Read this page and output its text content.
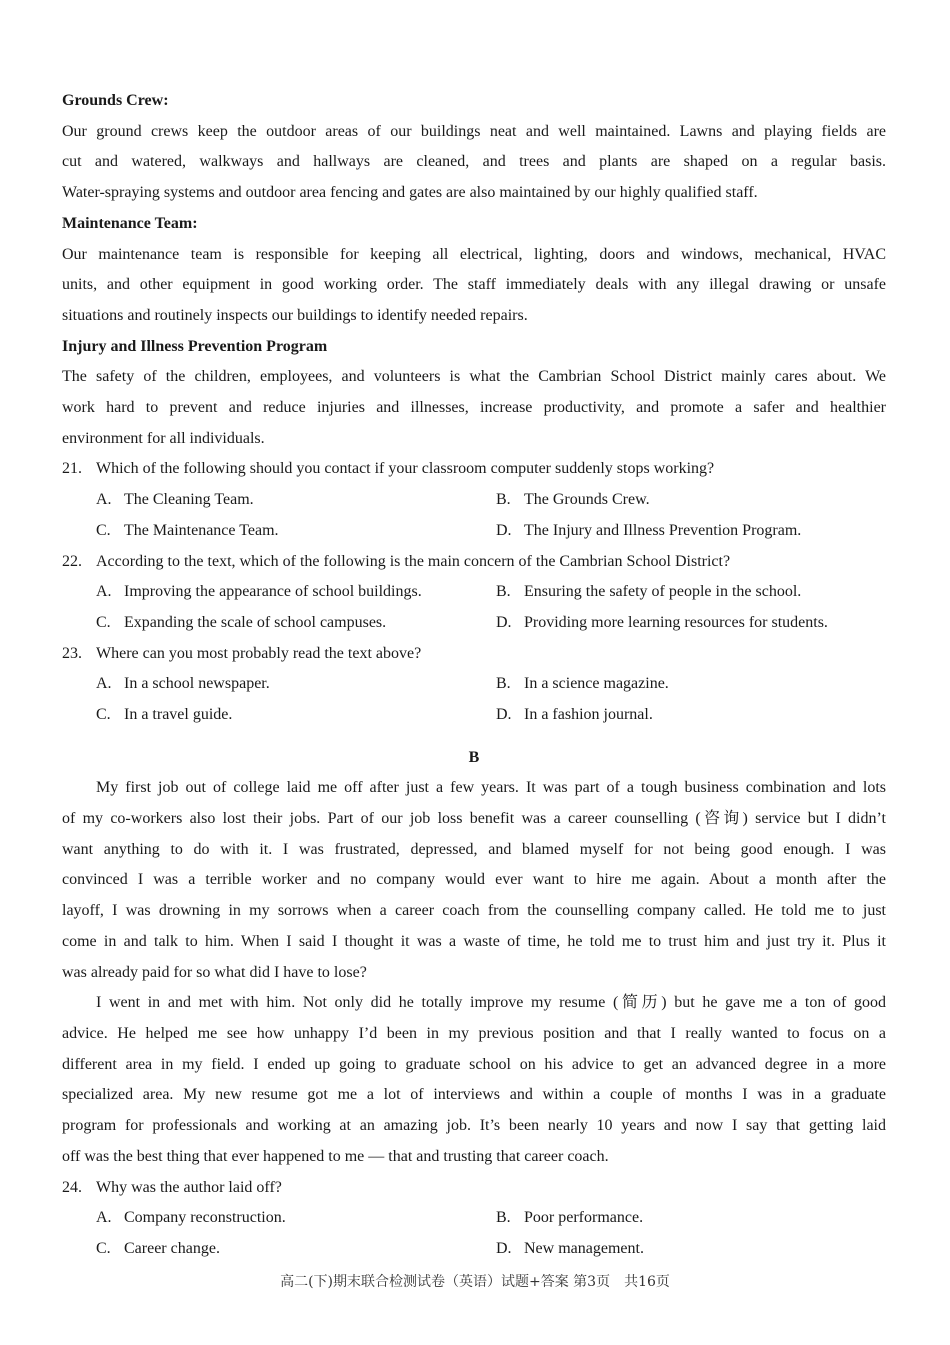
Grounds Crew:
Our ground crews keep the outdoor areas of our buildings neat and well maintained. Lawns and playing fields are
cut and watered, walkways and hallways are cleaned, and trees and plants are shaped on a regular basis.
Water-spraying systems and outdoor area fencing and gates are also maintained by our highly qualified staff.
Maintenance Team:
Our maintenance team is responsible for keeping all electrical, lighting, doors and windows, mechanical, HVAC
units, and other equipment in good working order. The staff immediately deals with any illegal drawing or unsafe
situations and routinely inspects our buildings to identify needed repairs.
Injury and Illness Prevention Program
The safety of the children, employees, and volunteers is what the Cambrian School District mainly cares about. We
work hard to prevent and reduce injuries and illnesses, increase productivity, and promote a safer and healthier
environment for all individuals.
21. Which of the following should you contact if your classroom computer suddenly stops working?
A. The Cleaning Team.	B. The Grounds Crew.
C. The Maintenance Team.	D. The Injury and Illness Prevention Program.
22. According to the text, which of the following is the main concern of the Cambrian School District?
A. Improving the appearance of school buildings.	B. Ensuring the safety of people in the school.
C. Expanding the scale of school campuses.	D. Providing more learning resources for students.
23. Where can you most probably read the text above?
A. In a school newspaper.	B. In a science magazine.
C. In a travel guide.	D. In a fashion journal.
B
My first job out of college laid me off after just a few years. It was part of a tough business combination and lots
of my co-workers also lost their jobs. Part of our job loss benefit was a career counselling (咨询) service but I didn’t
want anything to do with it. I was frustrated, depressed, and blamed myself for not being good enough. I was
convinced I was a terrible worker and no company would ever want to hire me again. About a month after the
layoff, I was drowning in my sorrows when a career coach from the counselling company called. He told me to just
come in and talk to him. When I said I thought it was a waste of time, he told me to trust him and just try it. Plus it
was already paid for so what did I have to lose?
I went in and met with him. Not only did he totally improve my resume (简历) but he gave me a ton of good
advice. He helped me see how unhappy I’d been in my previous position and that I really wanted to focus on a
different area in my field. I ended up going to graduate school on his advice to get an advanced degree in a more
specialized area. My new resume got me a lot of interviews and within a couple of months I was in a graduate
program for professionals and working at an amazing job. It’s been nearly 10 years and now I say that getting laid
off was the best thing that ever happened to me — that and trusting that career coach.
24. Why was the author laid off?
A. Company reconstruction.	B. Poor performance.
C. Career change.	D. New management.
高二(下)期末联合检测试卷（英语）试题+答案 第3页　共16页
